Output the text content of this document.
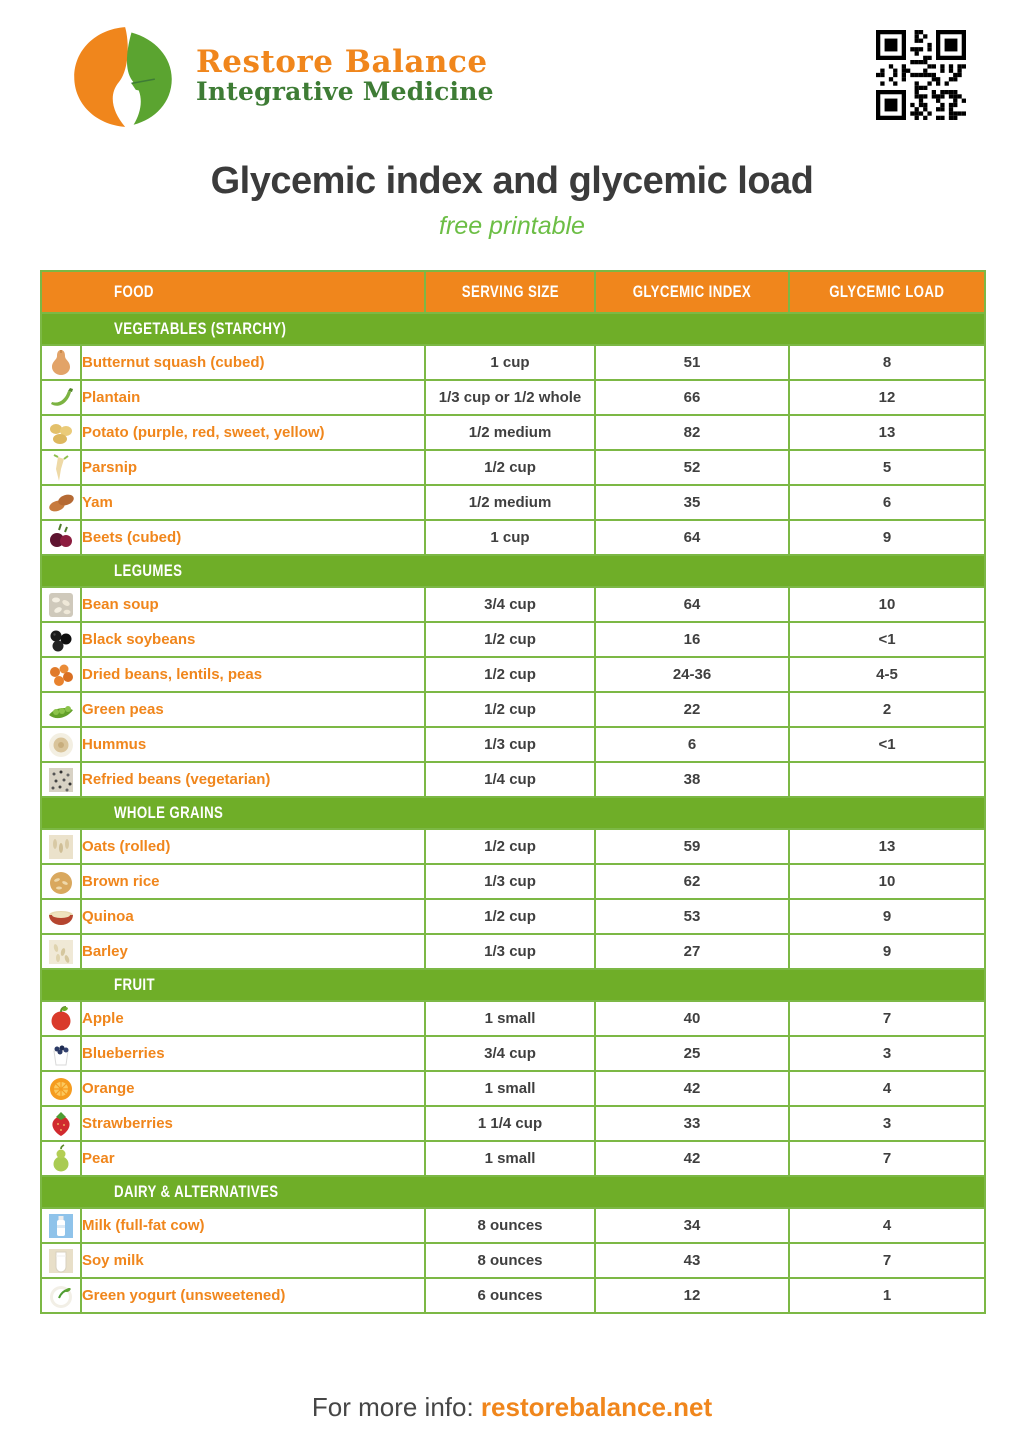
Restore Balance
Integrative Medicine
Glycemic index and glycemic load
free printable
FOOD		SERVING SIZE	GLYCEMIC INDEX	GLYCEMIC LOAD
VEGETABLES (STARCHY)				

	Butternut squash (cubed)	1 cup	51	8

	Plantain	1/3 cup or 1/2 whole	66	12

	Potato (purple, red, sweet, yellow)	1/2 medium	82	13

	Parsnip	1/2 cup	52	5

	Yam	1/2 medium	35	6

	Beets (cubed)	1 cup	64	9
LEGUMES				

	Bean soup	3/4 cup	64	10

	Black soybeans	1/2 cup	16	<1

	Dried beans, lentils, peas	1/2 cup	24-36	4-5

	Green peas	1/2 cup	22	2

	Hummus	1/3 cup	6	<1

	Refried beans (vegetarian)	1/4 cup	38	
WHOLE GRAINS				

	Oats (rolled)	1/2 cup	59	13

	Brown rice	1/3 cup	62	10

	Quinoa	1/2 cup	53	9

	Barley	1/3 cup	27	9
FRUIT				

	Apple	1 small	40	7

	Blueberries	3/4 cup	25	3

	Orange	1 small	42	4

	Strawberries	1 1/4 cup	33	3

	Pear	1 small	42	7
DAIRY & ALTERNATIVES				

	Milk (full-fat cow)	8 ounces	34	4

	Soy milk	8 ounces	43	7

	Green yogurt (unsweetened)	6 ounces	12	1
For more info: restorebalance.net
